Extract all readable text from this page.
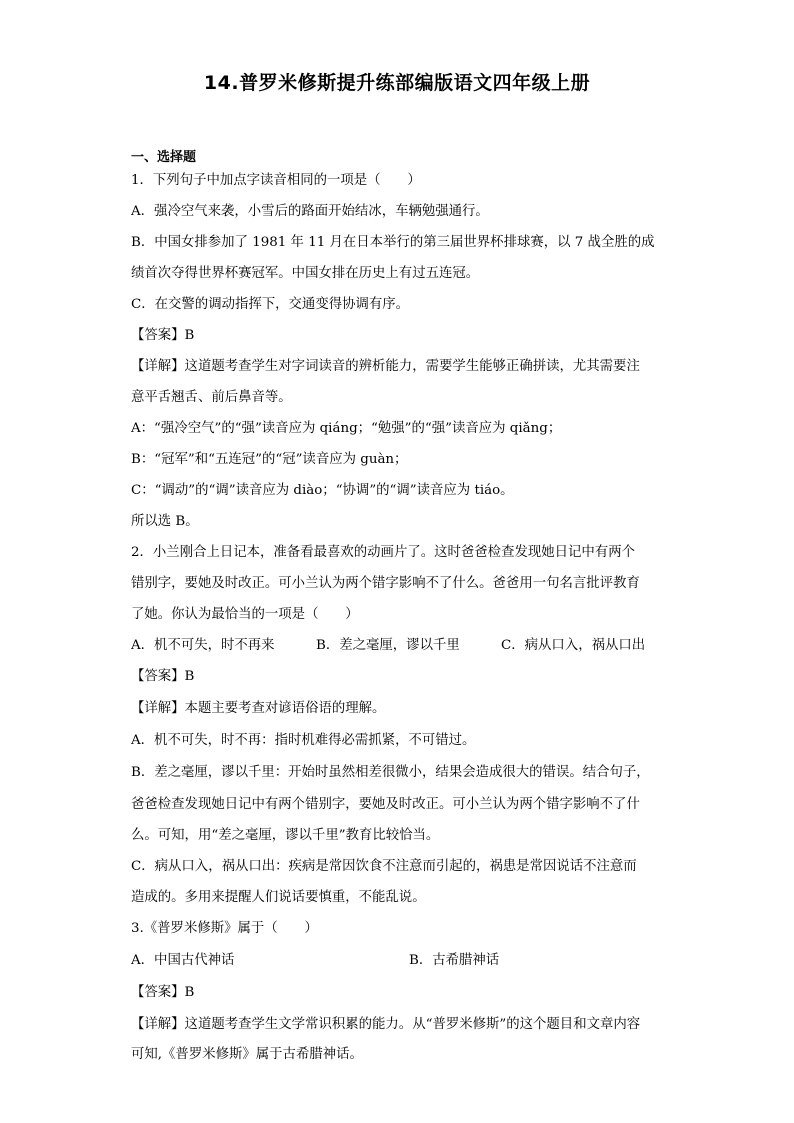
14.普罗米修斯提升练部编版语文四年级上册
一、选择题
1．下列句子中加点字读音相同的一项是（　　）
A．强冷空气来袭，小雪后的路面开始结冰，车辆勉强通行。
B．中国女排参加了 1981 年 11 月在日本举行的第三届世界杯排球赛，以 7 战全胜的成
绩首次夺得世界杯赛冠军。中国女排在历史上有过五连冠。
C．在交警的调动指挥下，交通变得协调有序。
【答案】B
【详解】这道题考查学生对字词读音的辨析能力，需要学生能够正确拼读，尤其需要注
意平舌翘舌、前后鼻音等。
A：“强冷空气”的“强”读音应为 qiáng；“勉强”的“强”读音应为 qiǎng；
B：“冠军”和“五连冠”的“冠”读音应为 guàn；
C：“调动”的“调”读音应为 diào；“协调”的“调”读音应为 tiáo。
所以选 B。
2．小兰刚合上日记本，准备看最喜欢的动画片了。这时爸爸检查发现她日记中有两个
错别字，要她及时改正。可小兰认为两个错字影响不了什么。爸爸用一句名言批评教育
了她。你认为最恰当的一项是（　　）
A．机不可失，时不再来	B．差之毫厘，谬以千里	C．病从口入，祸从口出
【答案】B
【详解】本题主要考查对谚语俗语的理解。
A．机不可失，时不再：指时机难得必需抓紧，不可错过。
B．差之毫厘，谬以千里：开始时虽然相差很微小，结果会造成很大的错误。结合句子，
爸爸检查发现她日记中有两个错别字，要她及时改正。可小兰认为两个错字影响不了什
么。可知，用“差之毫厘，谬以千里”教育比较恰当。
C．病从口入，祸从口出：疾病是常因饮食不注意而引起的，祸患是常因说话不注意而
造成的。多用来提醒人们说话要慎重，不能乱说。
3.《普罗米修斯》属于（　　）
A．中国古代神话	B．古希腊神话
【答案】B
【详解】这道题考查学生文学常识积累的能力。从“普罗米修斯”的这个题目和文章内容
可知,《普罗米修斯》属于古希腊神话。
